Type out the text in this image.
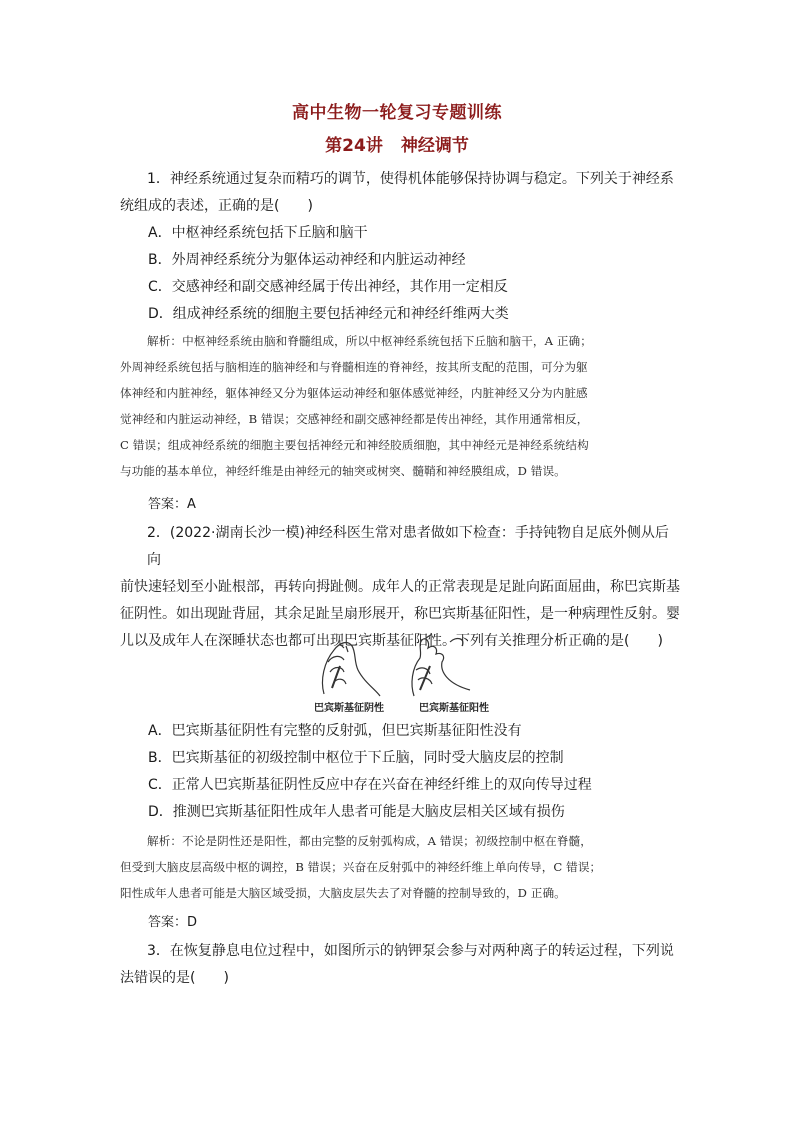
高中生物一轮复习专题训练
第24讲 神经调节
1．神经系统通过复杂而精巧的调节，使得机体能够保持协调与稳定。下列关于神经系
统组成的表述，正确的是(　　)
A．中枢神经系统包括下丘脑和脑干
B．外周神经系统分为躯体运动神经和内脏运动神经
C．交感神经和副交感神经属于传出神经，其作用一定相反
D．组成神经系统的细胞主要包括神经元和神经纤维两大类
解析：中枢神经系统由脑和脊髓组成，所以中枢神经系统包括下丘脑和脑干，A 正确；
外周神经系统包括与脑相连的脑神经和与脊髓相连的脊神经，按其所支配的范围，可分为躯
体神经和内脏神经，躯体神经又分为躯体运动神经和躯体感觉神经，内脏神经又分为内脏感
觉神经和内脏运动神经，B 错误；交感神经和副交感神经都是传出神经，其作用通常相反，
C 错误；组成神经系统的细胞主要包括神经元和神经胶质细胞，其中神经元是神经系统结构
与功能的基本单位，神经纤维是由神经元的轴突或树突、髓鞘和神经膜组成，D 错误。
答案：A
2．(2022·湖南长沙一模)神经科医生常对患者做如下检查：手持钝物自足底外侧从后向
前快速轻划至小趾根部，再转向拇趾侧。成年人的正常表现是足趾向跖面屈曲，称巴宾斯基
征阴性。如出现趾背屈，其余足趾呈扇形展开，称巴宾斯基征阳性，是一种病理性反射。婴
儿以及成年人在深睡状态也都可出现巴宾斯基征阳性。下列有关推理分析正确的是(　　)
巴宾斯基征阴性	巴宾斯基征阳性
A．巴宾斯基征阴性有完整的反射弧，但巴宾斯基征阳性没有
B．巴宾斯基征的初级控制中枢位于下丘脑，同时受大脑皮层的控制
C．正常人巴宾斯基征阴性反应中存在兴奋在神经纤维上的双向传导过程
D．推测巴宾斯基征阳性成年人患者可能是大脑皮层相关区域有损伤
解析：不论是阴性还是阳性，都由完整的反射弧构成，A 错误；初级控制中枢在脊髓，
但受到大脑皮层高级中枢的调控，B 错误；兴奋在反射弧中的神经纤维上单向传导，C 错误；
阳性成年人患者可能是大脑区域受损，大脑皮层失去了对脊髓的控制导致的，D 正确。
答案：D
3．在恢复静息电位过程中，如图所示的钠钾泵会参与对两种离子的转运过程，下列说
法错误的是(　　)
